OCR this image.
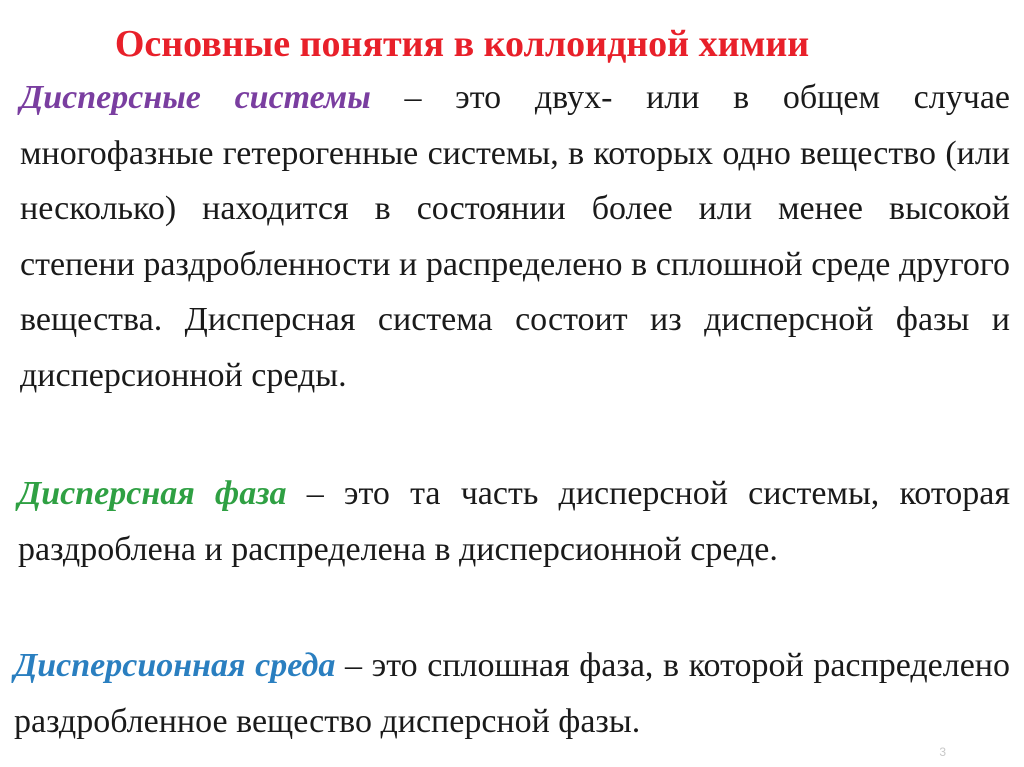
Основные понятия в коллоидной химии

Дисперсные системы – это двух- или в общем случае многофазные гетерогенные системы, в которых одно вещество (или несколько) находится в состоянии более или менее высокой степени раздробленности и распределено в сплошной среде другого вещества. Дисперсная система состоит из дисперсной фазы и дисперсионной среды.

Дисперсная фаза – это та часть дисперсной системы, которая раздроблена и распределена в дисперсионной среде.

Дисперсионная среда – это сплошная фаза, в которой распределено раздробленное вещество дисперсной фазы.

3
